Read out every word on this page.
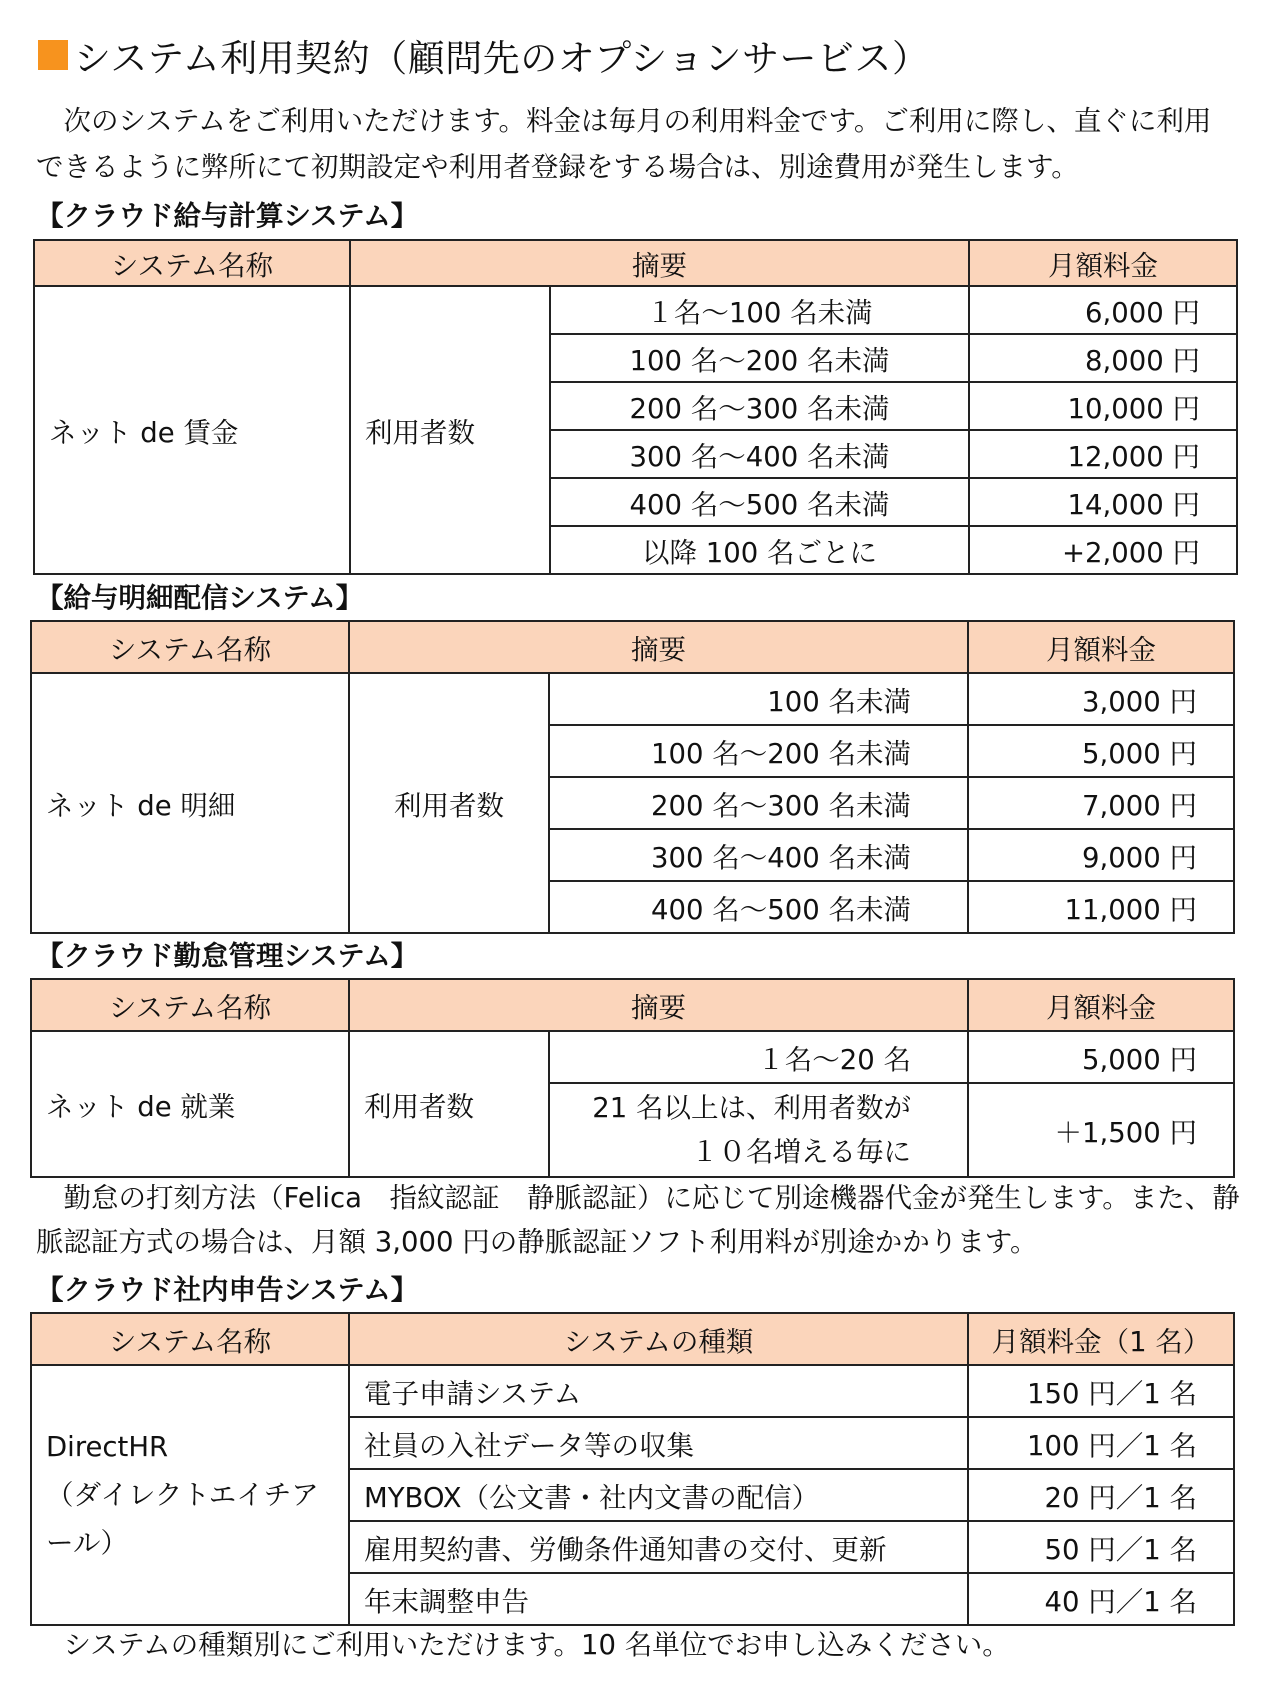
システム利用契約（顧問先のオプションサービス）
　次のシステムをご利用いただけます。料金は毎月の利用料金です。ご利用に際し、直ぐに利用
できるように弊所にて初期設定や利用者登録をする場合は、別途費用が発生します。
【クラウド給与計算システム】
システム名称	摘要		月額料金
ネット de 賃金	利用者数	１名～100 名未満	6,000 円
		100 名～200 名未満	8,000 円
		200 名～300 名未満	10,000 円
		300 名～400 名未満	12,000 円
		400 名～500 名未満	14,000 円
		以降 100 名ごとに	+2,000 円
【給与明細配信システム】
システム名称	摘要		月額料金
ネット de 明細	利用者数	100 名未満	3,000 円
		100 名～200 名未満	5,000 円
		200 名～300 名未満	7,000 円
		300 名～400 名未満	9,000 円
		400 名～500 名未満	11,000 円
【クラウド勤怠管理システム】
システム名称	摘要		月額料金
ネット de 就業	利用者数	１名～20 名	5,000 円

		21 名以上は、利用者数が
１０名増える毎に	＋1,500 円
　勤怠の打刻方法（Felica　指紋認証　静脈認証）に応じて別途機器代金が発生します。また、静
脈認証方式の場合は、月額 3,000 円の静脈認証ソフト利用料が別途かかります。
【クラウド社内申告システム】
システム名称	システムの種類	月額料金（1 名）

DirectHR
（ダイレクトエイチア
ール）	電子申請システム	150 円／1 名
	社員の入社データ等の収集	100 円／1 名
	MYBOX（公文書・社内文書の配信）	20 円／1 名
	雇用契約書、労働条件通知書の交付、更新	50 円／1 名
	年末調整申告	40 円／1 名
　システムの種類別にご利用いただけます。10 名単位でお申し込みください。
